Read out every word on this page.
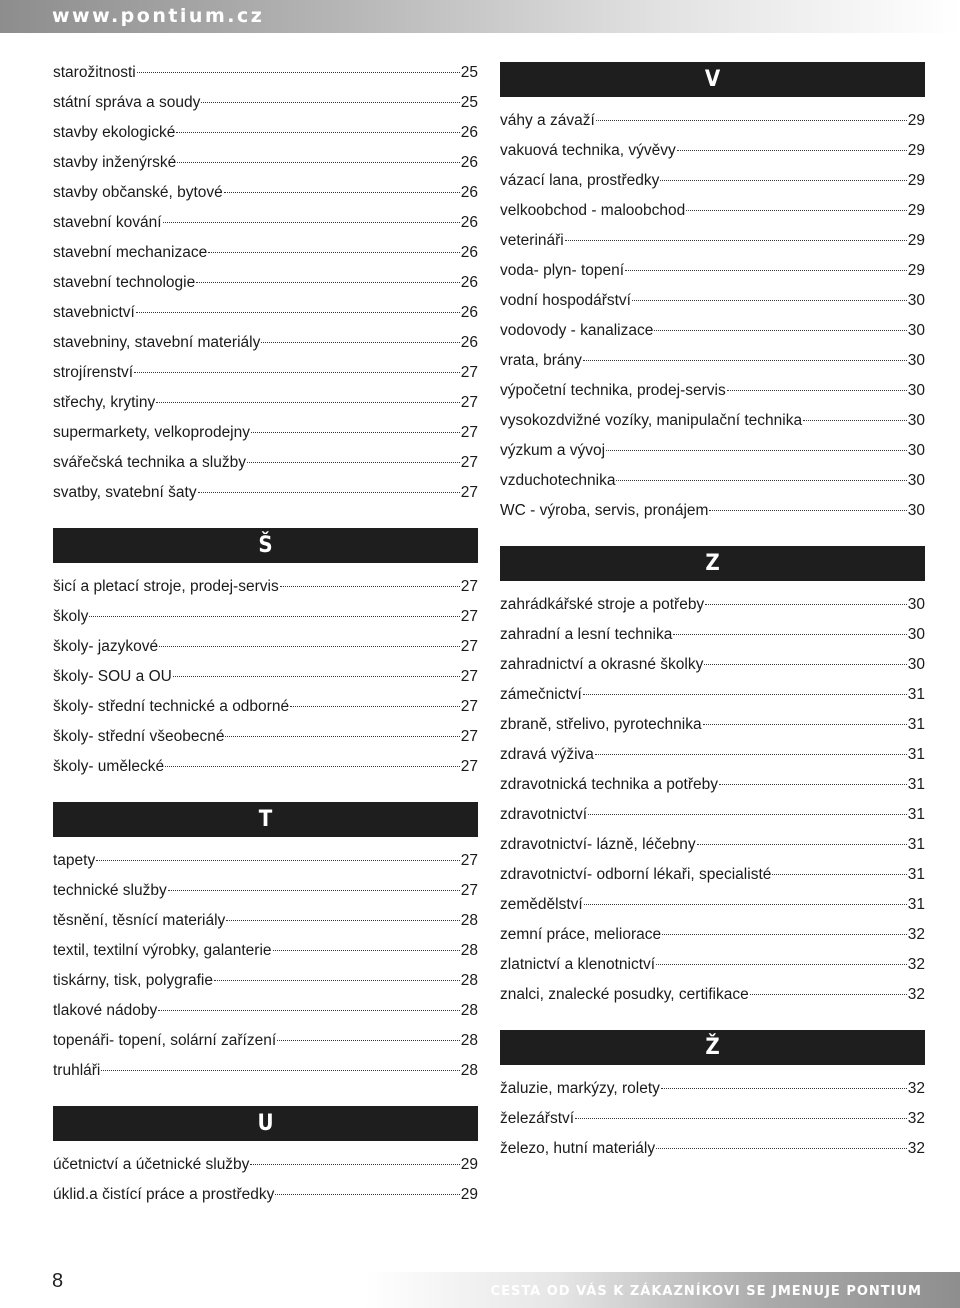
www.pontium.cz
starožitnosti	25
státní správa a soudy	25
stavby ekologické	26
stavby inženýrské	26
stavby občanské, bytové	26
stavební kování	26
stavební mechanizace	26
stavební technologie	26
stavebnictví	26
stavebniny, stavební materiály	26
strojírenství	27
střechy, krytiny	27
supermarkety, velkoprodejny	27
svářečská technika a služby	27
svatby, svatební šaty	27
Š
šicí a pletací stroje, prodej-servis	27
školy	27
školy- jazykové	27
školy- SOU a OU	27
školy- střední technické a odborné	27
školy- střední všeobecné	27
školy- umělecké	27
T
tapety	27
technické služby	27
těsnění, těsnící materiály	28
textil, textilní výrobky, galanterie	28
tiskárny, tisk, polygrafie	28
tlakové nádoby	28
topenáři- topení, solární zařízení	28
truhláři	28
U
účetnictví a účetnické služby	29
úklid.a čistící práce a prostředky	29
V
váhy a závaží	29
vakuová technika, vývěvy	29
vázací lana, prostředky	29
velkoobchod - maloobchod	29
veterináři	29
voda- plyn- topení	29
vodní hospodářství	30
vodovody - kanalizace	30
vrata, brány	30
výpočetní technika, prodej-servis	30
vysokozdvižné vozíky, manipulační technika	30
výzkum a vývoj	30
vzduchotechnika	30
WC - výroba, servis, pronájem	30
Z
zahrádkářské stroje a potřeby	30
zahradní a lesní technika	30
zahradnictví a okrasné školky	30
zámečnictví	31
zbraně, střelivo, pyrotechnika	31
zdravá výživa	31
zdravotnická technika a potřeby	31
zdravotnictví	31
zdravotnictví- lázně, léčebny	31
zdravotnictví- odborní lékaři, specialisté	31
zemědělství	31
zemní práce, meliorace	32
zlatnictví a klenotnictví	32
znalci, znalecké posudky, certifikace	32
Ž
žaluzie, markýzy, rolety	32
železářství	32
železo, hutní materiály	32
8	CESTA OD VÁS K ZÁKAZNÍKOVI SE JMENUJE PONTIUM
